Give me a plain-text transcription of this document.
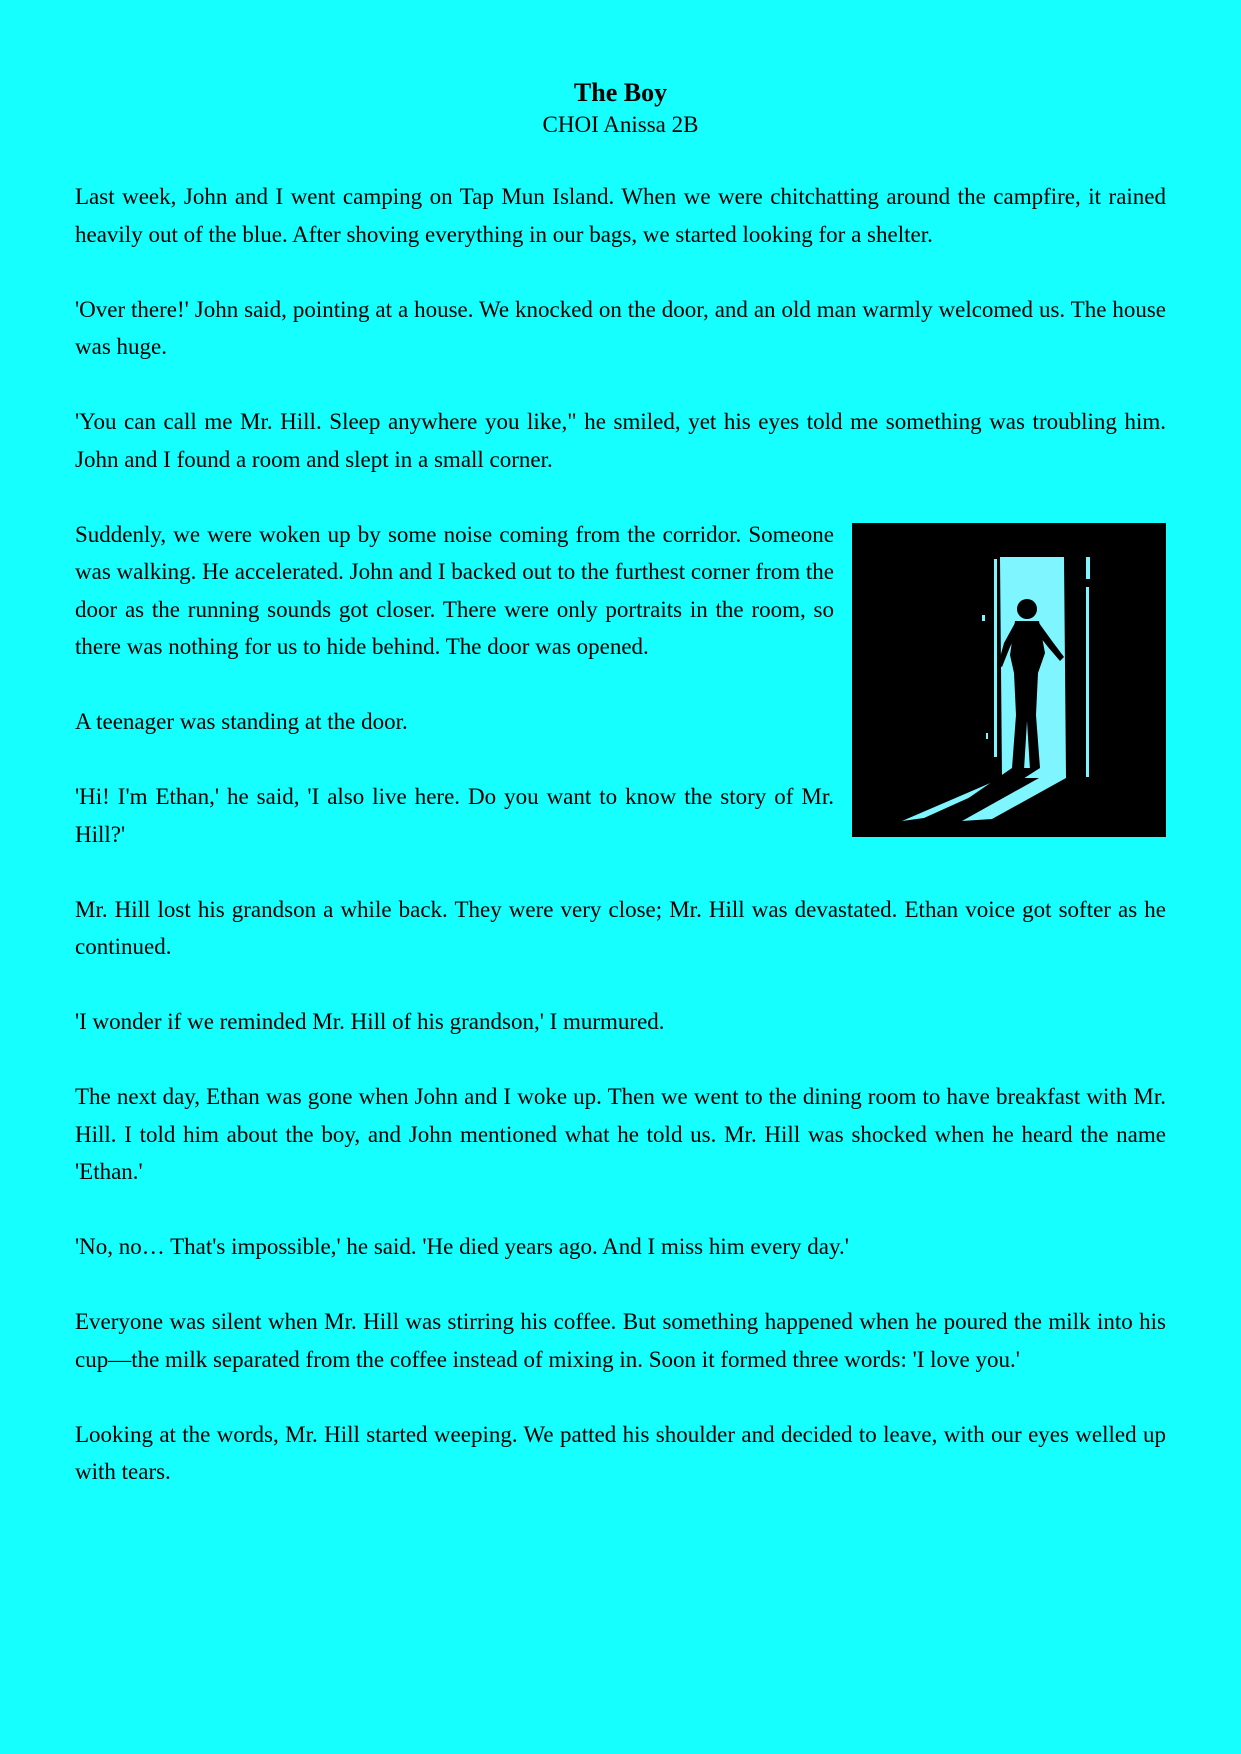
The Boy
CHOI Anissa 2B

Last week, John and I went camping on Tap Mun Island. When we were chitchatting around the campfire, it rained heavily out of the blue. After shoving everything in our bags, we started looking for a shelter.

'Over there!' John said, pointing at a house. We knocked on the door, and an old man warmly welcomed us. The house was huge.

'You can call me Mr. Hill. Sleep anywhere you like," he smiled, yet his eyes told me something was troubling him. John and I found a room and slept in a small corner.

Suddenly, we were woken up by some noise coming from the corridor. Someone was walking. He accelerated. John and I backed out to the furthest corner from the door as the running sounds got closer. There were only portraits in the room, so there was nothing for us to hide behind. The door was opened.

A teenager was standing at the door.

'Hi! I'm Ethan,' he said, 'I also live here. Do you want to know the story of Mr. Hill?'

Mr. Hill lost his grandson a while back. They were very close; Mr. Hill was devastated. Ethan voice got softer as he continued.

'I wonder if we reminded Mr. Hill of his grandson,' I murmured.

The next day, Ethan was gone when John and I woke up. Then we went to the dining room to have breakfast with Mr. Hill. I told him about the boy, and John mentioned what he told us. Mr. Hill was shocked when he heard the name 'Ethan.'

'No, no… That's impossible,' he said. 'He died years ago. And I miss him every day.'

Everyone was silent when Mr. Hill was stirring his coffee. But something happened when he poured the milk into his cup—the milk separated from the coffee instead of mixing in. Soon it formed three words: 'I love you.'

Looking at the words, Mr. Hill started weeping. We patted his shoulder and decided to leave, with our eyes welled up with tears.
